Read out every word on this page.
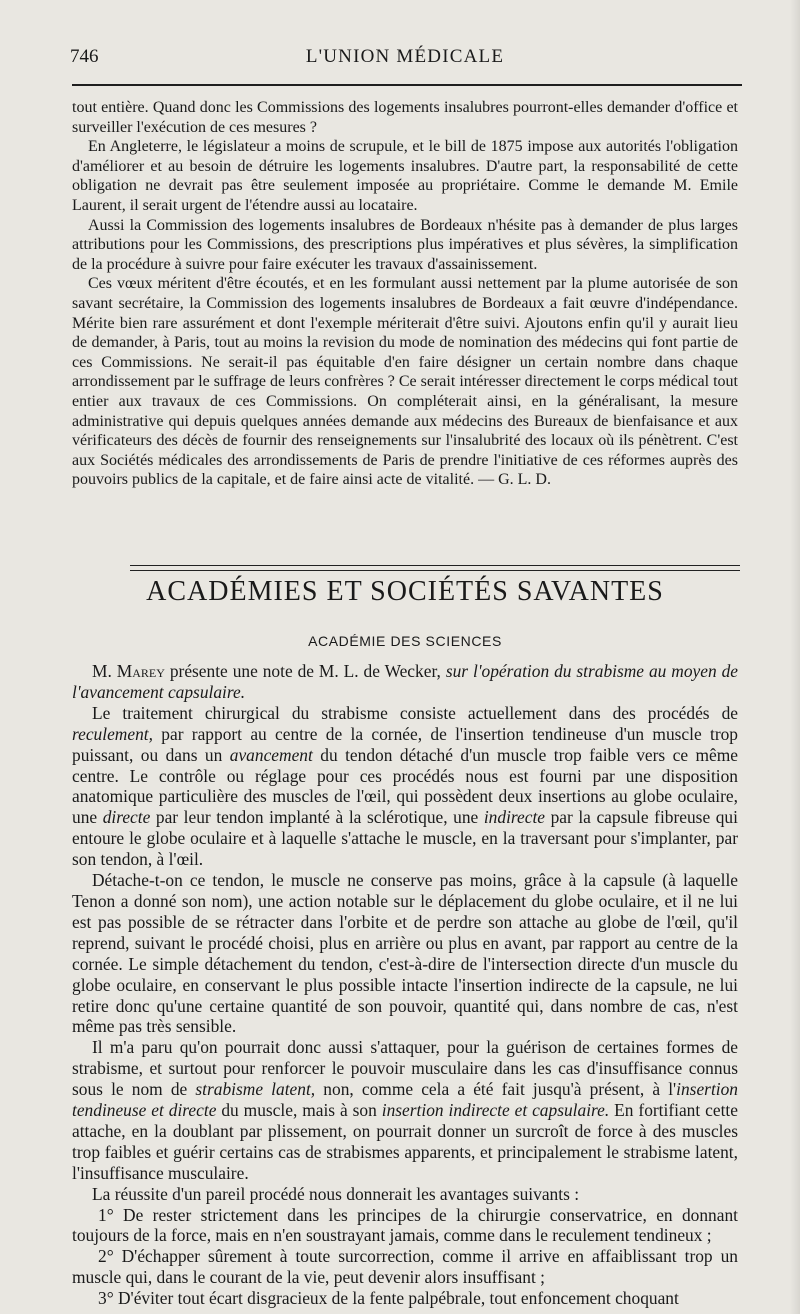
746	L'UNION MÉDICALE

tout entière. Quand donc les Commissions des logements insalubres pourront-elles demander d'office et surveiller l'exécution de ces mesures ?

En Angleterre, le législateur a moins de scrupule, et le bill de 1875 impose aux autorités l'obligation d'améliorer et au besoin de détruire les logements insalubres. D'autre part, la responsabilité de cette obligation ne devrait pas être seulement imposée au propriétaire. Comme le demande M. Emile Laurent, il serait urgent de l'étendre aussi au locataire.

Aussi la Commission des logements insalubres de Bordeaux n'hésite pas à demander de plus larges attributions pour les Commissions, des prescriptions plus impératives et plus sévères, la simplification de la procédure à suivre pour faire exécuter les travaux d'assainissement.

Ces vœux méritent d'être écoutés, et en les formulant aussi nettement par la plume autorisée de son savant secrétaire, la Commission des logements insalubres de Bordeaux a fait œuvre d'indépendance. Mérite bien rare assurément et dont l'exemple mériterait d'être suivi. Ajoutons enfin qu'il y aurait lieu de demander, à Paris, tout au moins la revision du mode de nomination des médecins qui font partie de ces Commissions. Ne serait-il pas équitable d'en faire désigner un certain nombre dans chaque arrondissement par le suffrage de leurs confrères ? Ce serait intéresser directement le corps médical tout entier aux travaux de ces Commissions. On compléterait ainsi, en la généralisant, la mesure administrative qui depuis quelques années demande aux médecins des Bureaux de bienfaisance et aux vérificateurs des décès de fournir des renseignements sur l'insalubrité des locaux où ils pénètrent. C'est aux Sociétés médicales des arrondissements de Paris de prendre l'initiative de ces réformes auprès des pouvoirs publics de la capitale, et de faire ainsi acte de vitalité. — G. L. D.

ACADÉMIES ET SOCIÉTÉS SAVANTES
ACADÉMIE DES SCIENCES

M. Marey présente une note de M. L. de Wecker, sur l'opération du strabisme au moyen de l'avancement capsulaire.

Le traitement chirurgical du strabisme consiste actuellement dans des procédés de reculement, par rapport au centre de la cornée, de l'insertion tendineuse d'un muscle trop puissant, ou dans un avancement du tendon détaché d'un muscle trop faible vers ce même centre. Le contrôle ou réglage pour ces procédés nous est fourni par une disposition anatomique particulière des muscles de l'œil, qui possèdent deux insertions au globe oculaire, une directe par leur tendon implanté à la sclérotique, une indirecte par la capsule fibreuse qui entoure le globe oculaire et à laquelle s'attache le muscle, en la traversant pour s'implanter, par son tendon, à l'œil.

Détache-t-on ce tendon, le muscle ne conserve pas moins, grâce à la capsule (à laquelle Tenon a donné son nom), une action notable sur le déplacement du globe oculaire, et il ne lui est pas possible de se rétracter dans l'orbite et de perdre son attache au globe de l'œil, qu'il reprend, suivant le procédé choisi, plus en arrière ou plus en avant, par rapport au centre de la cornée. Le simple détachement du tendon, c'est-à-dire de l'intersection directe d'un muscle du globe oculaire, en conservant le plus possible intacte l'insertion indirecte de la capsule, ne lui retire donc qu'une certaine quantité de son pouvoir, quantité qui, dans nombre de cas, n'est même pas très sensible.

Il m'a paru qu'on pourrait donc aussi s'attaquer, pour la guérison de certaines formes de strabisme, et surtout pour renforcer le pouvoir musculaire dans les cas d'insuffisance connus sous le nom de strabisme latent, non, comme cela a été fait jusqu'à présent, à l'insertion tendineuse et directe du muscle, mais à son insertion indirecte et capsulaire. En fortifiant cette attache, en la doublant par plissement, on pourrait donner un surcroît de force à des muscles trop faibles et guérir certains cas de strabismes apparents, et principalement le strabisme latent, l'insuffisance musculaire.

La réussite d'un pareil procédé nous donnerait les avantages suivants :

1° De rester strictement dans les principes de la chirurgie conservatrice, en donnant toujours de la force, mais en n'en soustrayant jamais, comme dans le reculement tendineux ;

2° D'échapper sûrement à toute surcorrection, comme il arrive en affaiblissant trop un muscle qui, dans le courant de la vie, peut devenir alors insuffisant ;

3° D'éviter tout écart disgracieux de la fente palpébrale, tout enfoncement choquant
